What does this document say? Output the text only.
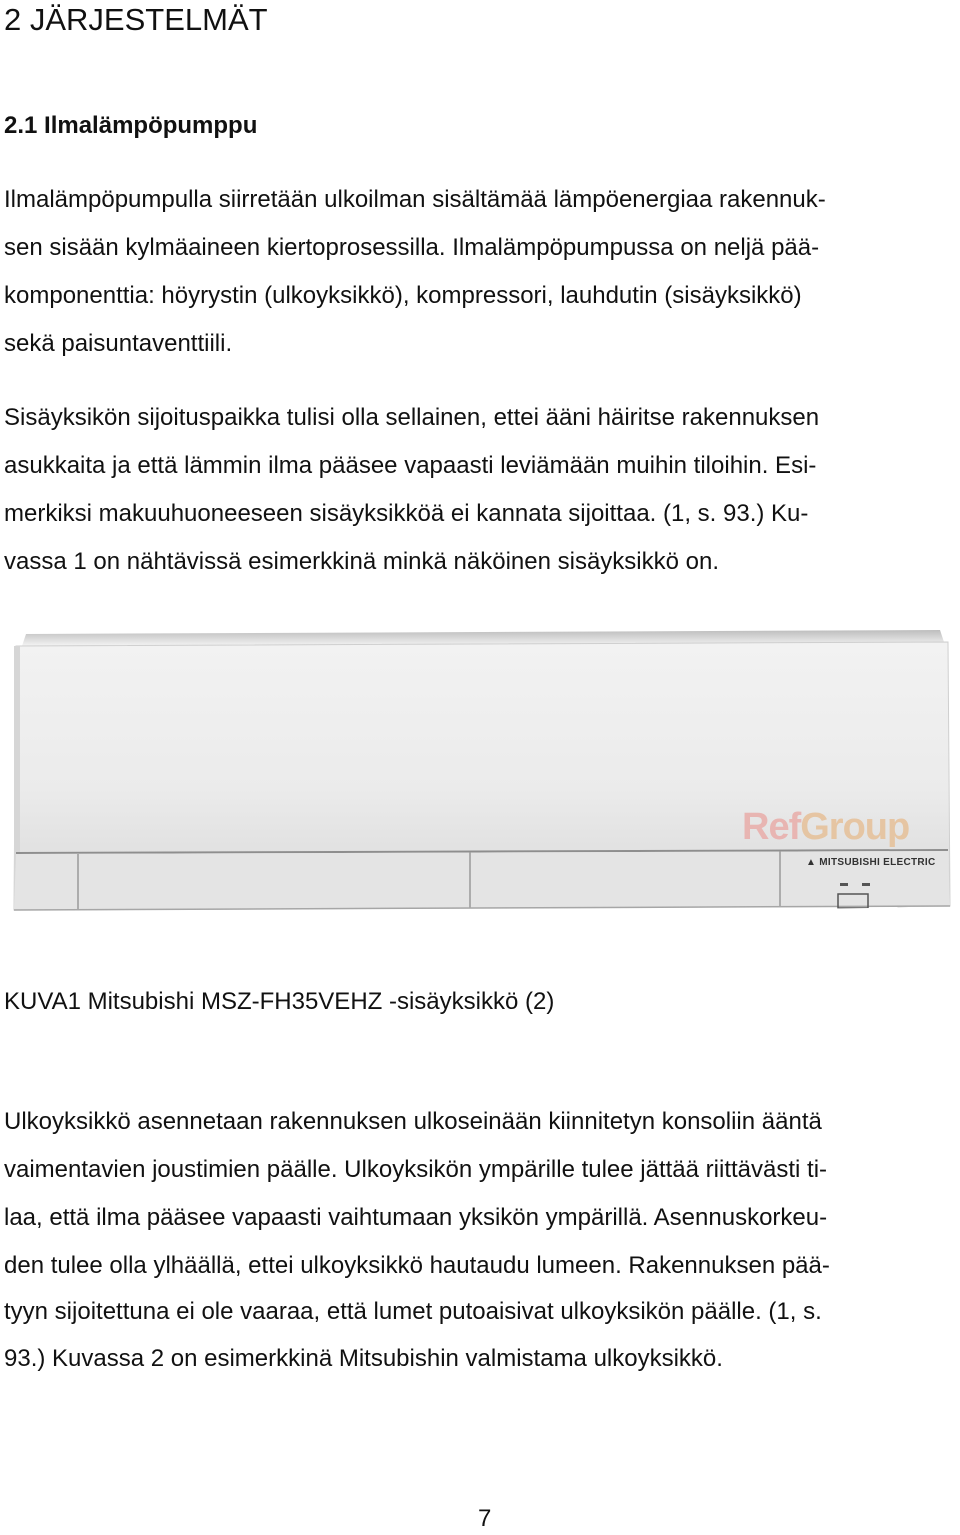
2 JÄRJESTELMÄT
2.1 Ilmalämpöpumppu
Ilmalämpöpumpulla siirretään ulkoilman sisältämää lämpöenergiaa rakennuk-
sen sisään kylmäaineen kiertoprosessilla. Ilmalämpöpumpussa on neljä pää-
komponenttia: höyrystin (ulkoyksikkö), kompressori, lauhdutin (sisäyksikkö)
sekä paisuntaventtiili.
Sisäyksikön sijoituspaikka tulisi olla sellainen, ettei ääni häiritse rakennuksen
asukkaita ja että lämmin ilma pääsee vapaasti leviämään muihin tiloihin. Esi-
merkiksi makuuhuoneeseen sisäyksikköä ei kannata sijoittaa. (1, s. 93.) Ku-
vassa 1 on nähtävissä esimerkkinä minkä näköinen sisäyksikkö on.
RefGroup
▲ MITSUBISHI ELECTRIC
KUVA1 Mitsubishi MSZ-FH35VEHZ -sisäyksikkö (2)
Ulkoyksikkö asennetaan rakennuksen ulkoseinään kiinnitetyn konsoliin ääntä
vaimentavien joustimien päälle. Ulkoyksikön ympärille tulee jättää riittävästi ti-
laa, että ilma pääsee vapaasti vaihtumaan yksikön ympärillä. Asennuskorkeu-
den tulee olla ylhäällä, ettei ulkoyksikkö hautaudu lumeen. Rakennuksen pää-
tyyn sijoitettuna ei ole vaaraa, että lumet putoaisivat ulkoyksikön päälle. (1, s.
93.) Kuvassa 2 on esimerkkinä Mitsubishin valmistama ulkoyksikkö.
7
